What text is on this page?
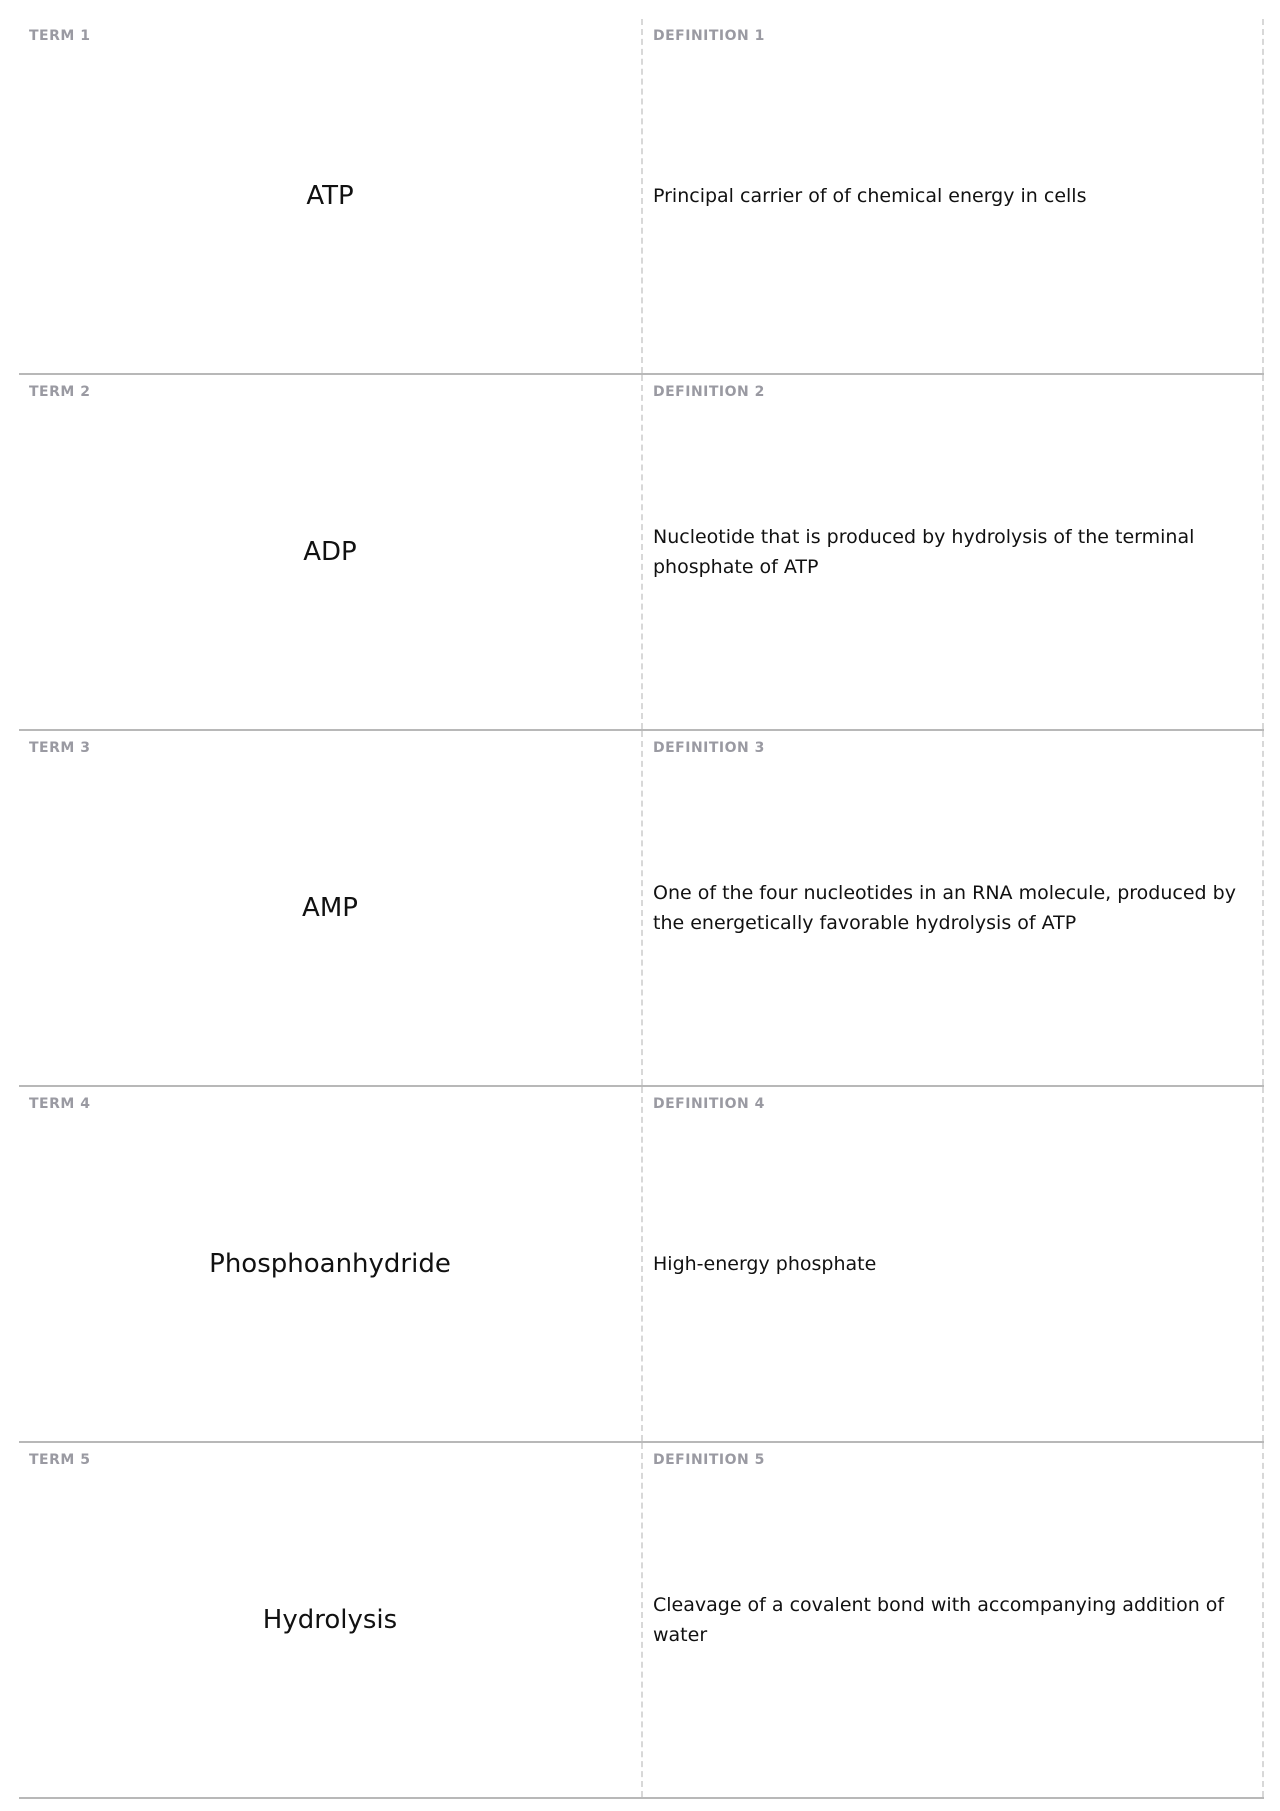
TERM 1
ATP
DEFINITION 1
Principal carrier of of chemical energy in cells
TERM 2
ADP
DEFINITION 2
Nucleotide that is produced by hydrolysis of the terminal phosphate of ATP
TERM 3
AMP
DEFINITION 3
One of the four nucleotides in an RNA molecule, produced by the energetically favorable hydrolysis of ATP
TERM 4
Phosphoanhydride
DEFINITION 4
High-energy phosphate
TERM 5
Hydrolysis
DEFINITION 5
Cleavage of a covalent bond with accompanying addition of water
